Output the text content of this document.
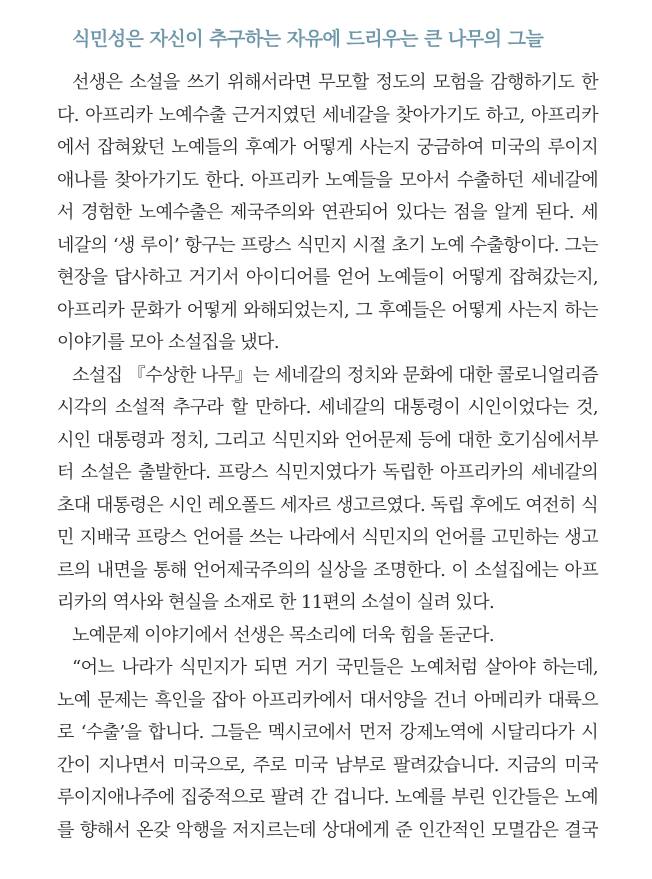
식민성은 자신이 추구하는 자유에 드리우는 큰 나무의 그늘
선생은 소설을 쓰기 위해서라면 무모할 정도의 모험을 감행하기도 한
다. 아프리카 노예수출 근거지였던 세네갈을 찾아가기도 하고, 아프리카
에서 잡혀왔던 노예들의 후예가 어떻게 사는지 궁금하여 미국의 루이지
애나를 찾아가기도 한다. 아프리카 노예들을 모아서 수출하던 세네갈에
서 경험한 노예수출은 제국주의와 연관되어 있다는 점을 알게 된다. 세
네갈의 ‘생 루이’ 항구는 프랑스 식민지 시절 초기 노예 수출항이다. 그는
현장을 답사하고 거기서 아이디어를 얻어 노예들이 어떻게 잡혀갔는지,
아프리카 문화가 어떻게 와해되었는지, 그 후예들은 어떻게 사는지 하는
이야기를 모아 소설집을 냈다.
소설집 『수상한 나무』는 세네갈의 정치와 문화에 대한 콜로니얼리즘
시각의 소설적 추구라 할 만하다. 세네갈의 대통령이 시인이었다는 것,
시인 대통령과 정치, 그리고 식민지와 언어문제 등에 대한 호기심에서부
터 소설은 출발한다. 프랑스 식민지였다가 독립한 아프리카의 세네갈의
초대 대통령은 시인 레오폴드 세자르 생고르였다. 독립 후에도 여전히 식
민 지배국 프랑스 언어를 쓰는 나라에서 식민지의 언어를 고민하는 생고
르의 내면을 통해 언어제국주의의 실상을 조명한다. 이 소설집에는 아프
리카의 역사와 현실을 소재로 한 11편의 소설이 실려 있다.
노예문제 이야기에서 선생은 목소리에 더욱 힘을 돋군다.
“어느 나라가 식민지가 되면 거기 국민들은 노예처럼 살아야 하는데,
노예 문제는 흑인을 잡아 아프리카에서 대서양을 건너 아메리카 대륙으
로 ‘수출’을 합니다. 그들은 멕시코에서 먼저 강제노역에 시달리다가 시
간이 지나면서 미국으로, 주로 미국 남부로 팔려갔습니다. 지금의 미국
루이지애나주에 집중적으로 팔려 간 겁니다. 노예를 부린 인간들은 노예
를 향해서 온갖 악행을 저지르는데 상대에게 준 인간적인 모멸감은 결국
